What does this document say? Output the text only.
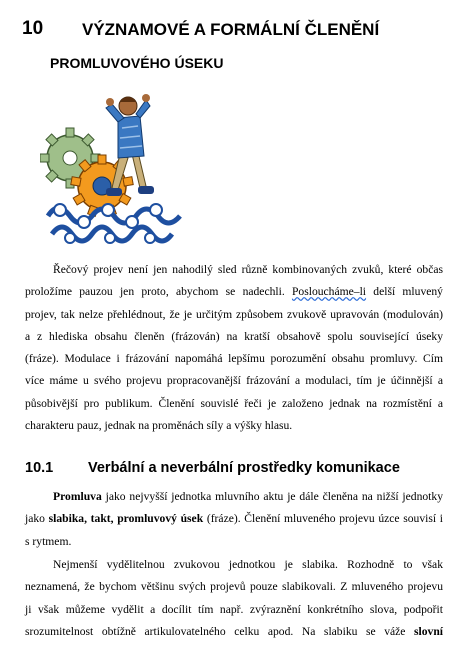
10 VÝZNAMOVÉ A FORMÁLNÍ ČLENĚNÍ
PROMLUVOVÉHO ÚSEKU
Řečový projev není jen nahodilý sled různě kombinovaných zvuků, které občas
proložíme pauzou jen proto, abychom se nadechli. Posloucháme–li delší mluvený
projev, tak nelze přehlédnout, že je určitým způsobem zvukově upravován (modulován)
a z hlediska obsahu členěn (frázován) na kratší obsahově spolu související úseky
(fráze). Modulace i frázování napomáhá lepšímu porozumění obsahu promluvy. Cím
více máme u svého projevu propracovanější frázování a modulaci, tím je účinnější a
působivější pro publikum. Členění souvislé řeči je založeno jednak na rozmístění a
charakteru pauz, jednak na proměnách síly a výšky hlasu.
10.1 Verbální a neverbální prostředky komunikace
Promluva jako nejvyšší jednotka mluvního aktu je dále členěna na nižší jednotky
jako slabika, takt, promluvový úsek (fráze). Členění mluveného projevu úzce souvisí i
s rytmem.
Nejmenší vydělitelnou zvukovou jednotkou je slabika. Rozhodně to však
neznamená, že bychom většinu svých projevů pouze slabikovali. Z mluveného projevu
ji však můžeme vydělit a docílit tím např. zvýraznění konkrétního slova, podpořit
srozumitelnost obtížně artikulovatelného celku apod. Na slabiku se váže slovní
